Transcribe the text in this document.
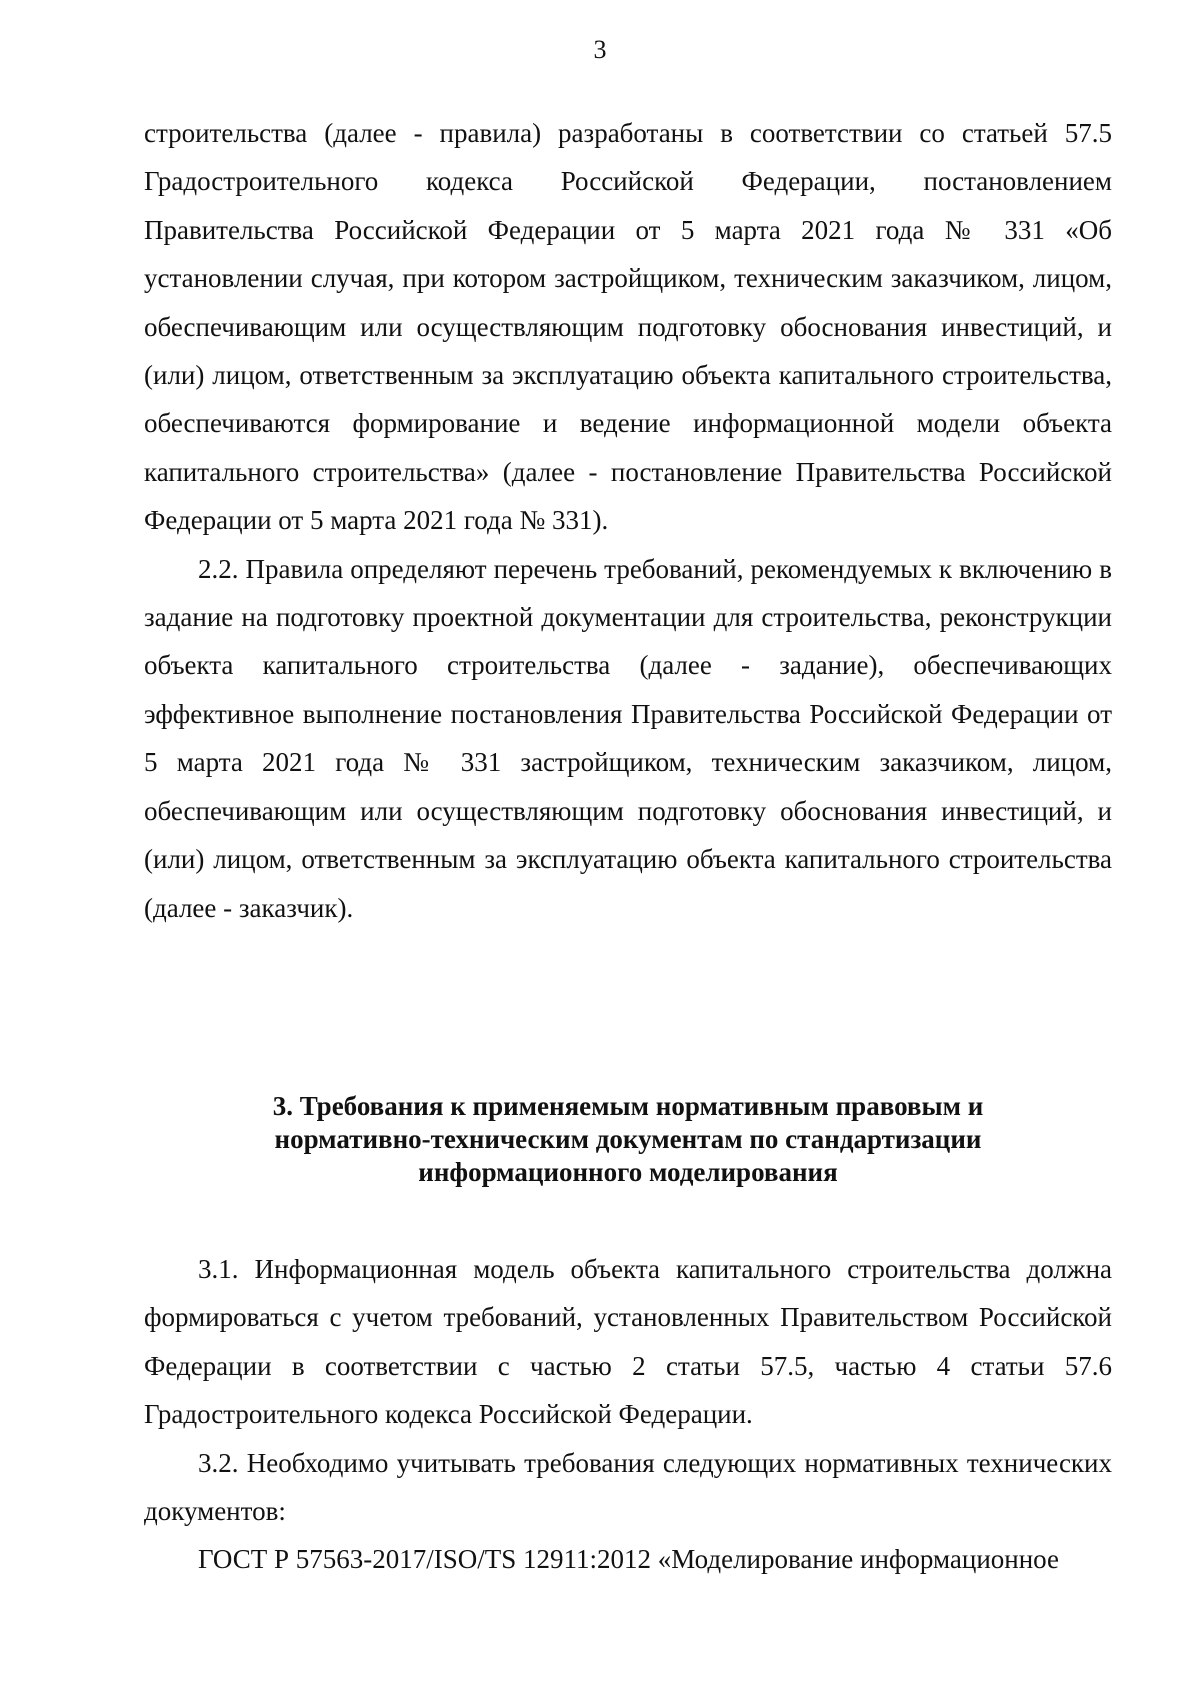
3

строительства (далее - правила) разработаны в соответствии со статьей 57.5 Градостроительного кодекса Российской Федерации, постановлением Правительства Российской Федерации от 5 марта 2021 года № 331 «Об установлении случая, при котором застройщиком, техническим заказчиком, лицом, обеспечивающим или осуществляющим подготовку обоснования инвестиций, и (или) лицом, ответственным за эксплуатацию объекта капитального строительства, обеспечиваются формирование и ведение информационной модели объекта капитального строительства» (далее - постановление Правительства Российской Федерации от 5 марта 2021 года № 331).

2.2. Правила определяют перечень требований, рекомендуемых к включению в задание на подготовку проектной документации для строительства, реконструкции объекта капитального строительства (далее - задание), обеспечивающих эффективное выполнение постановления Правительства Российской Федерации от 5 марта 2021 года № 331 застройщиком, техническим заказчиком, лицом, обеспечивающим или осуществляющим подготовку обоснования инвестиций, и (или) лицом, ответственным за эксплуатацию объекта капитального строительства (далее - заказчик).

3. Требования к применяемым нормативным правовым и
нормативно-техническим документам по стандартизации
информационного моделирования

3.1. Информационная модель объекта капитального строительства должна формироваться с учетом требований, установленных Правительством Российской Федерации в соответствии с частью 2 статьи 57.5, частью 4 статьи 57.6 Градостроительного кодекса Российской Федерации.

3.2. Необходимо учитывать требования следующих нормативных технических документов:

ГОСТ Р 57563-2017/ISO/TS 12911:2012 «Моделирование информационное
